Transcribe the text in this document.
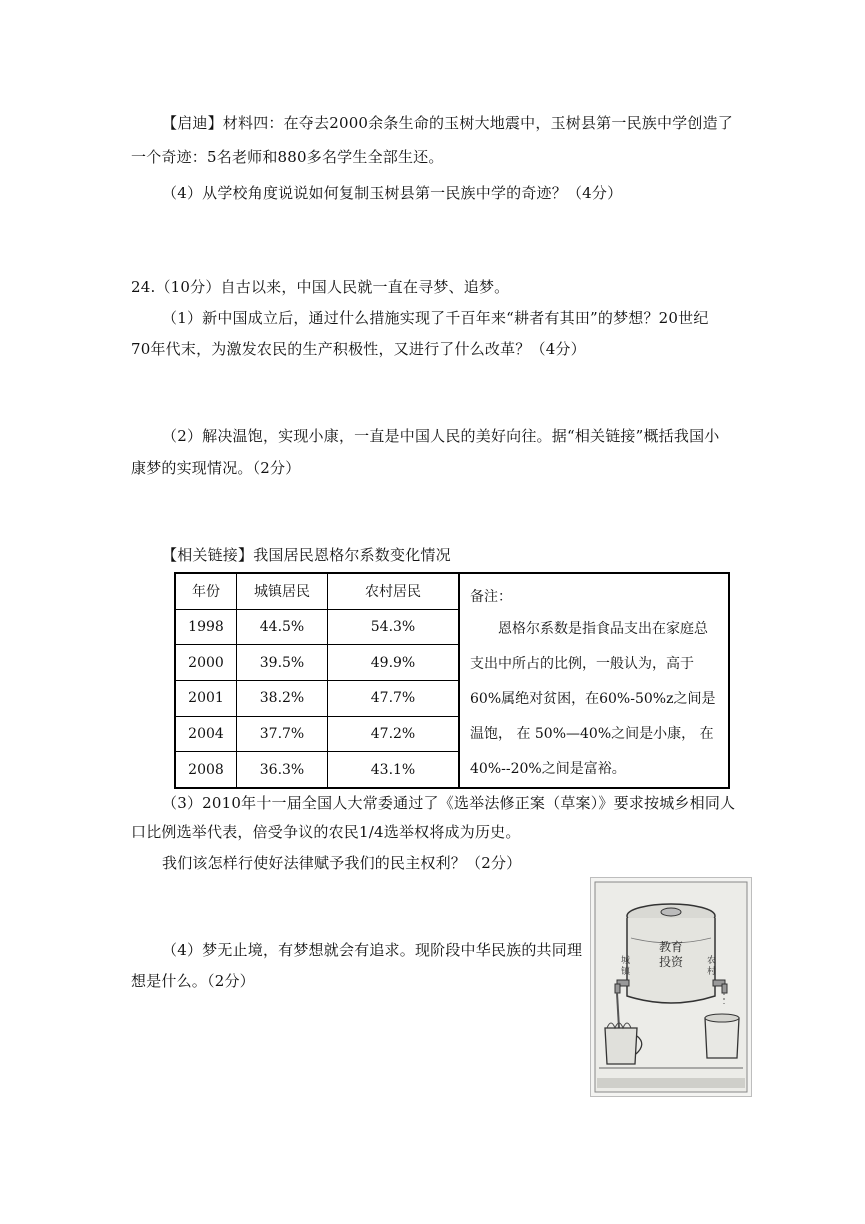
【启迪】材料四：在夺去2000余条生命的玉树大地震中，玉树县第一民族中学创造了
一个奇迹：5名老师和880多名学生全部生还。
（4）从学校角度说说如何复制玉树县第一民族中学的奇迹？（4分）
24.（10分）自古以来，中国人民就一直在寻梦、追梦。
（1）新中国成立后，通过什么措施实现了千百年来“耕者有其田”的梦想？20世纪
70年代末，为激发农民的生产积极性，又进行了什么改革？（4分）
（2）解决温饱，实现小康，一直是中国人民的美好向往。据“相关链接”概括我国小
康梦的实现情况。（2分）
【相关链接】我国居民恩格尔系数变化情况
年份	城镇居民	农村居民	备注：
恩格尔系数是指食品支出在家庭总支出中所占的比例，一般认为，高于60%属绝对贫困，在60%-50%z之间是温饱， 在 50%—40%之间是小康， 在40%--20%之间是富裕。

1998	44.5%	54.3%	
2000	39.5%	49.9%	
2001	38.2%	47.7%	
2004	37.7%	47.2%	
2008	36.3%	43.1%	
（3）2010年十一届全国人大常委通过了《选举法修正案（草案）》要求按城乡相同人
口比例选举代表，倍受争议的农民1/4选举权将成为历史。
我们该怎样行使好法律赋予我们的民主权利？（2分）
（4）梦无止境，有梦想就会有追求。现阶段中华民族的共同理
想是什么。（2分）
教育投资
城镇
农村
